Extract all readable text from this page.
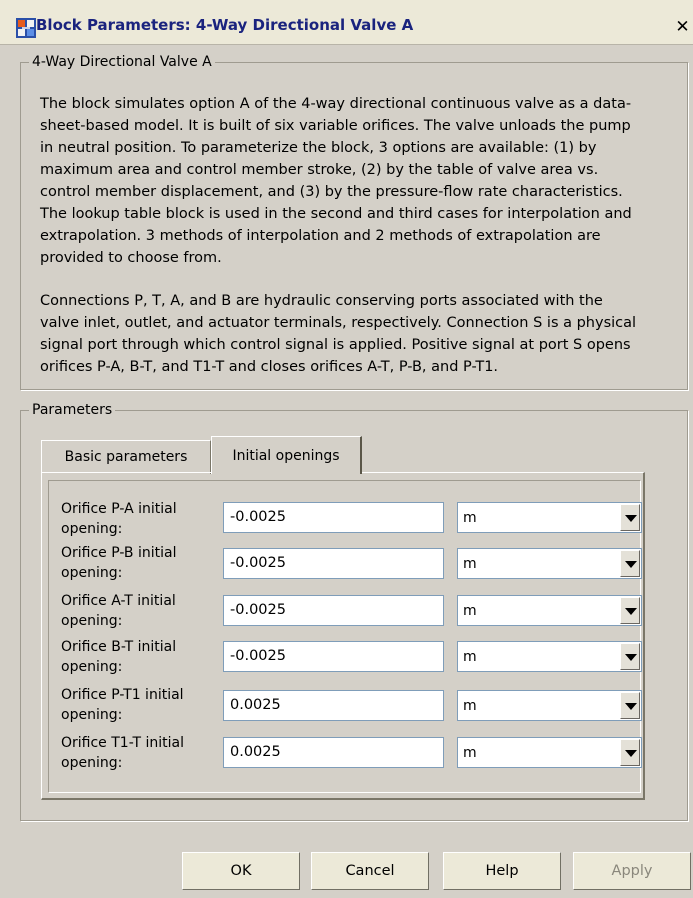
Block Parameters: 4-Way Directional Valve A	✕
4-Way Directional Valve A
The block simulates option A of the 4-way directional continuous valve as a data-
sheet-based model. It is built of six variable orifices. The valve unloads the pump
in neutral position. To parameterize the block, 3 options are available: (1) by
maximum area and control member stroke, (2) by the table of valve area vs.
control member displacement, and (3) by the pressure-flow rate characteristics.
The lookup table block is used in the second and third cases for interpolation and
extrapolation. 3 methods of interpolation and 2 methods of extrapolation are
provided to choose from.
Connections P, T, A, and B are hydraulic conserving ports associated with the
valve inlet, outlet, and actuator terminals, respectively. Connection S is a physical
signal port through which control signal is applied. Positive signal at port S opens
orifices P-A, B-T, and T1-T and closes orifices A-T, P-B, and P-T1.
Parameters
Basic parameters	Initial openings
Orifice P-A initial
opening:
-0.0025	m
Orifice P-B initial
opening:
-0.0025	m
Orifice A-T initial
opening:
-0.0025	m
Orifice B-T initial
opening:
-0.0025	m
Orifice P-T1 initial
opening:
0.0025	m
Orifice T1-T initial
opening:
0.0025	m
OK	Cancel	Help	Apply
